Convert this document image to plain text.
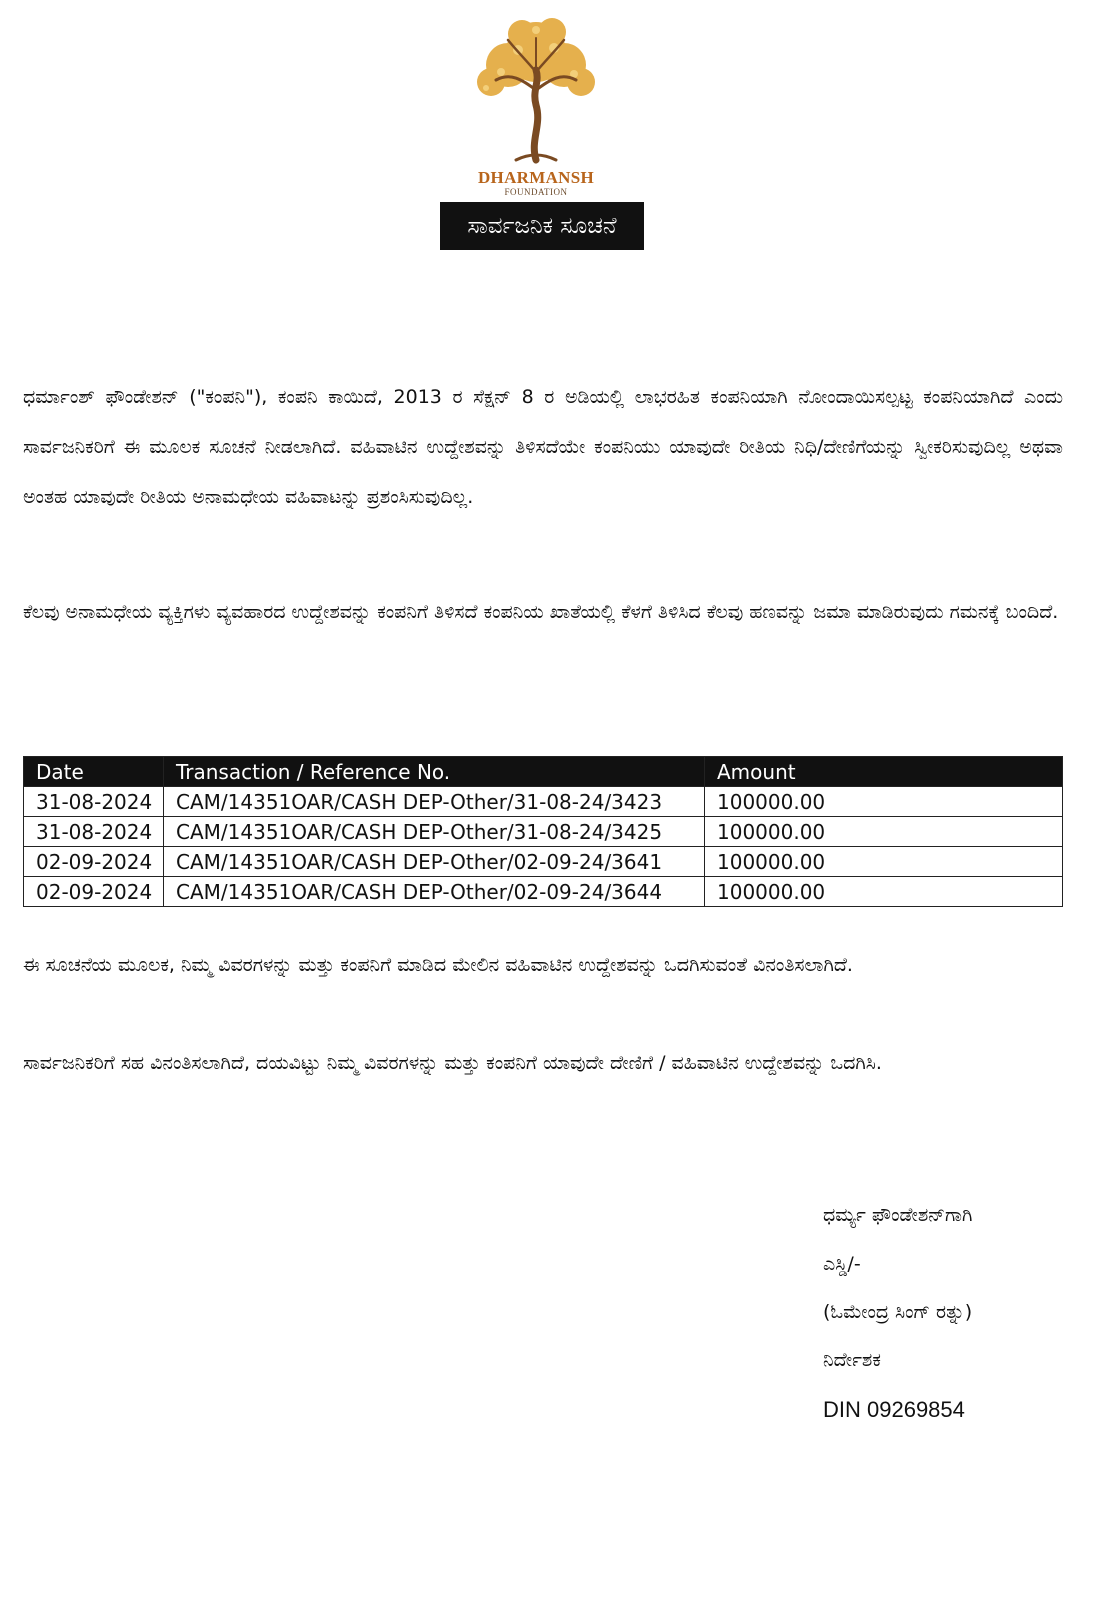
DHARMANSH
FOUNDATION
ಸಾರ್ವಜನಿಕ ಸೂಚನೆ

ಧರ್ಮಾಂಶ್ ಫೌಂಡೇಶನ್ ("ಕಂಪನಿ"), ಕಂಪನಿ ಕಾಯಿದೆ, 2013 ರ ಸೆಕ್ಷನ್ 8 ರ ಅಡಿಯಲ್ಲಿ ಲಾಭರಹಿತ ಕಂಪನಿಯಾಗಿ ನೋಂದಾಯಿಸಲ್ಪಟ್ಟ ಕಂಪನಿಯಾಗಿದೆ ಎಂದು ಸಾರ್ವಜನಿಕರಿಗೆ ಈ ಮೂಲಕ ಸೂಚನೆ ನೀಡಲಾಗಿದೆ. ವಹಿವಾಟಿನ ಉದ್ದೇಶವನ್ನು ತಿಳಿಸದೆಯೇ ಕಂಪನಿಯು ಯಾವುದೇ ರೀತಿಯ ನಿಧಿ/ದೇಣಿಗೆಯನ್ನು ಸ್ವೀಕರಿಸುವುದಿಲ್ಲ ಅಥವಾ ಅಂತಹ ಯಾವುದೇ ರೀತಿಯ ಅನಾಮಧೇಯ ವಹಿವಾಟನ್ನು ಪ್ರಶಂಸಿಸುವುದಿಲ್ಲ.

ಕೆಲವು ಅನಾಮಧೇಯ ವ್ಯಕ್ತಿಗಳು ವ್ಯವಹಾರದ ಉದ್ದೇಶವನ್ನು ಕಂಪನಿಗೆ ತಿಳಿಸದೆ ಕಂಪನಿಯ ಖಾತೆಯಲ್ಲಿ ಕೆಳಗೆ ತಿಳಿಸಿದ ಕೆಲವು ಹಣವನ್ನು ಜಮಾ ಮಾಡಿರುವುದು ಗಮನಕ್ಕೆ ಬಂದಿದೆ.

Date	Transaction / Reference No.	Amount
31-08-2024	CAM/14351OAR/CASH DEP-Other/31-08-24/3423	100000.00
31-08-2024	CAM/14351OAR/CASH DEP-Other/31-08-24/3425	100000.00
02-09-2024	CAM/14351OAR/CASH DEP-Other/02-09-24/3641	100000.00
02-09-2024	CAM/14351OAR/CASH DEP-Other/02-09-24/3644	100000.00

ಈ ಸೂಚನೆಯ ಮೂಲಕ, ನಿಮ್ಮ ವಿವರಗಳನ್ನು ಮತ್ತು ಕಂಪನಿಗೆ ಮಾಡಿದ ಮೇಲಿನ ವಹಿವಾಟಿನ ಉದ್ದೇಶವನ್ನು ಒದಗಿಸುವಂತೆ ವಿನಂತಿಸಲಾಗಿದೆ.

ಸಾರ್ವಜನಿಕರಿಗೆ ಸಹ ವಿನಂತಿಸಲಾಗಿದೆ, ದಯವಿಟ್ಟು ನಿಮ್ಮ ವಿವರಗಳನ್ನು ಮತ್ತು ಕಂಪನಿಗೆ ಯಾವುದೇ ದೇಣಿಗೆ / ವಹಿವಾಟಿನ ಉದ್ದೇಶವನ್ನು ಒದಗಿಸಿ.

ಧರ್ಮ್ಯ ಫೌಂಡೇಶನ್‌ಗಾಗಿ
ಎಸ್ಡಿ/-
(ಓಮೇಂದ್ರ ಸಿಂಗ್ ರತ್ನು)
ನಿರ್ದೇಶಕ
DIN 09269854
